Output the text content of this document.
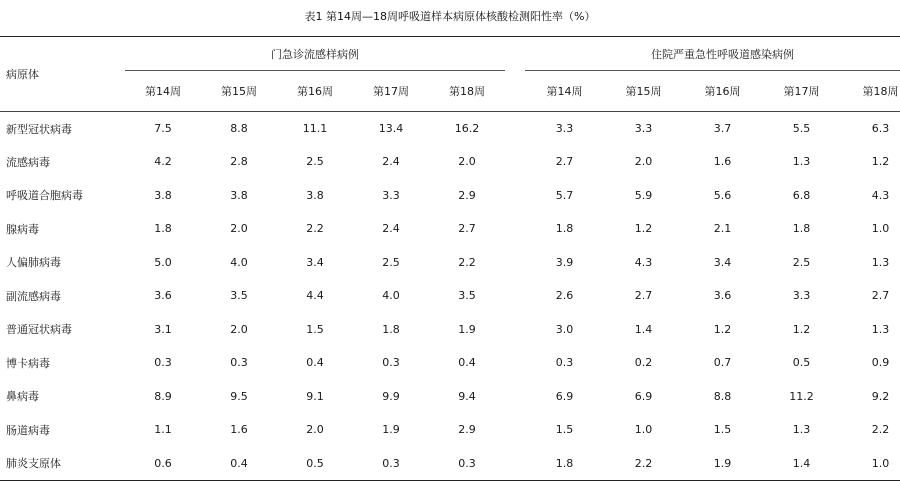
表1 第14周—18周呼吸道样本病原体核酸检测阳性率（%）
病原体	门急诊流感样病例						住院严重急性呼吸道感染病例				

	第14周	第15周	第16周	第17周	第18周		第14周	第15周	第16周	第17周	第18周
新型冠状病毒	7.5	8.8	11.1	13.4	16.2		3.3	3.3	3.7	5.5	6.3
流感病毒	4.2	2.8	2.5	2.4	2.0		2.7	2.0	1.6	1.3	1.2
呼吸道合胞病毒	3.8	3.8	3.8	3.3	2.9		5.7	5.9	5.6	6.8	4.3
腺病毒	1.8	2.0	2.2	2.4	2.7		1.8	1.2	2.1	1.8	1.0
人偏肺病毒	5.0	4.0	3.4	2.5	2.2		3.9	4.3	3.4	2.5	1.3
副流感病毒	3.6	3.5	4.4	4.0	3.5		2.6	2.7	3.6	3.3	2.7
普通冠状病毒	3.1	2.0	1.5	1.8	1.9		3.0	1.4	1.2	1.2	1.3
博卡病毒	0.3	0.3	0.4	0.3	0.4		0.3	0.2	0.7	0.5	0.9
鼻病毒	8.9	9.5	9.1	9.9	9.4		6.9	6.9	8.8	11.2	9.2
肠道病毒	1.1	1.6	2.0	1.9	2.9		1.5	1.0	1.5	1.3	2.2
肺炎支原体	0.6	0.4	0.5	0.3	0.3		1.8	2.2	1.9	1.4	1.0
